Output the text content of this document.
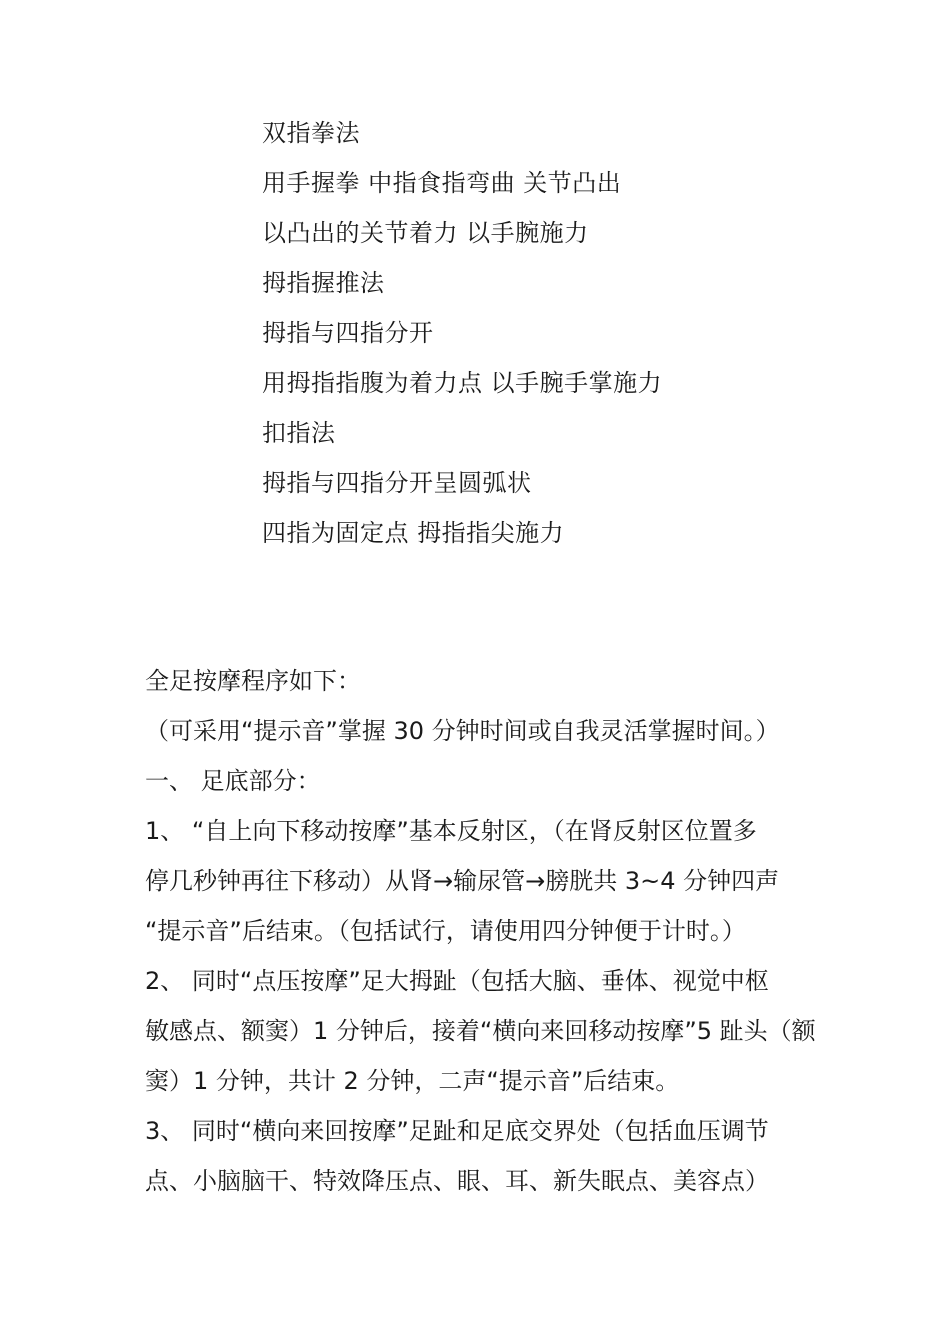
双指拳法
用手握拳 中指食指弯曲 关节凸出
以凸出的关节着力 以手腕施力
拇指握推法
拇指与四指分开
用拇指指腹为着力点 以手腕手掌施力
扣指法
拇指与四指分开呈圆弧状
四指为固定点 拇指指尖施力
全足按摩程序如下：
（可采用“提示音”掌握 30 分钟时间或自我灵活掌握时间。）
一、 足底部分：
1、 “自上向下移动按摩”基本反射区，（在肾反射区位置多
停几秒钟再往下移动）从肾→输尿管→膀胱共 3~4 分钟四声
“提示音”后结束。（包括试行，请使用四分钟便于计时。）
2、 同时“点压按摩”足大拇趾（包括大脑、垂体、视觉中枢
敏感点、额窦）1 分钟后，接着“横向来回移动按摩”5 趾头（额
窦）1 分钟，共计 2 分钟，二声“提示音”后结束。
3、 同时“横向来回按摩”足趾和足底交界处（包括血压调节
点、小脑脑干、特效降压点、眼、耳、新失眠点、美容点）
